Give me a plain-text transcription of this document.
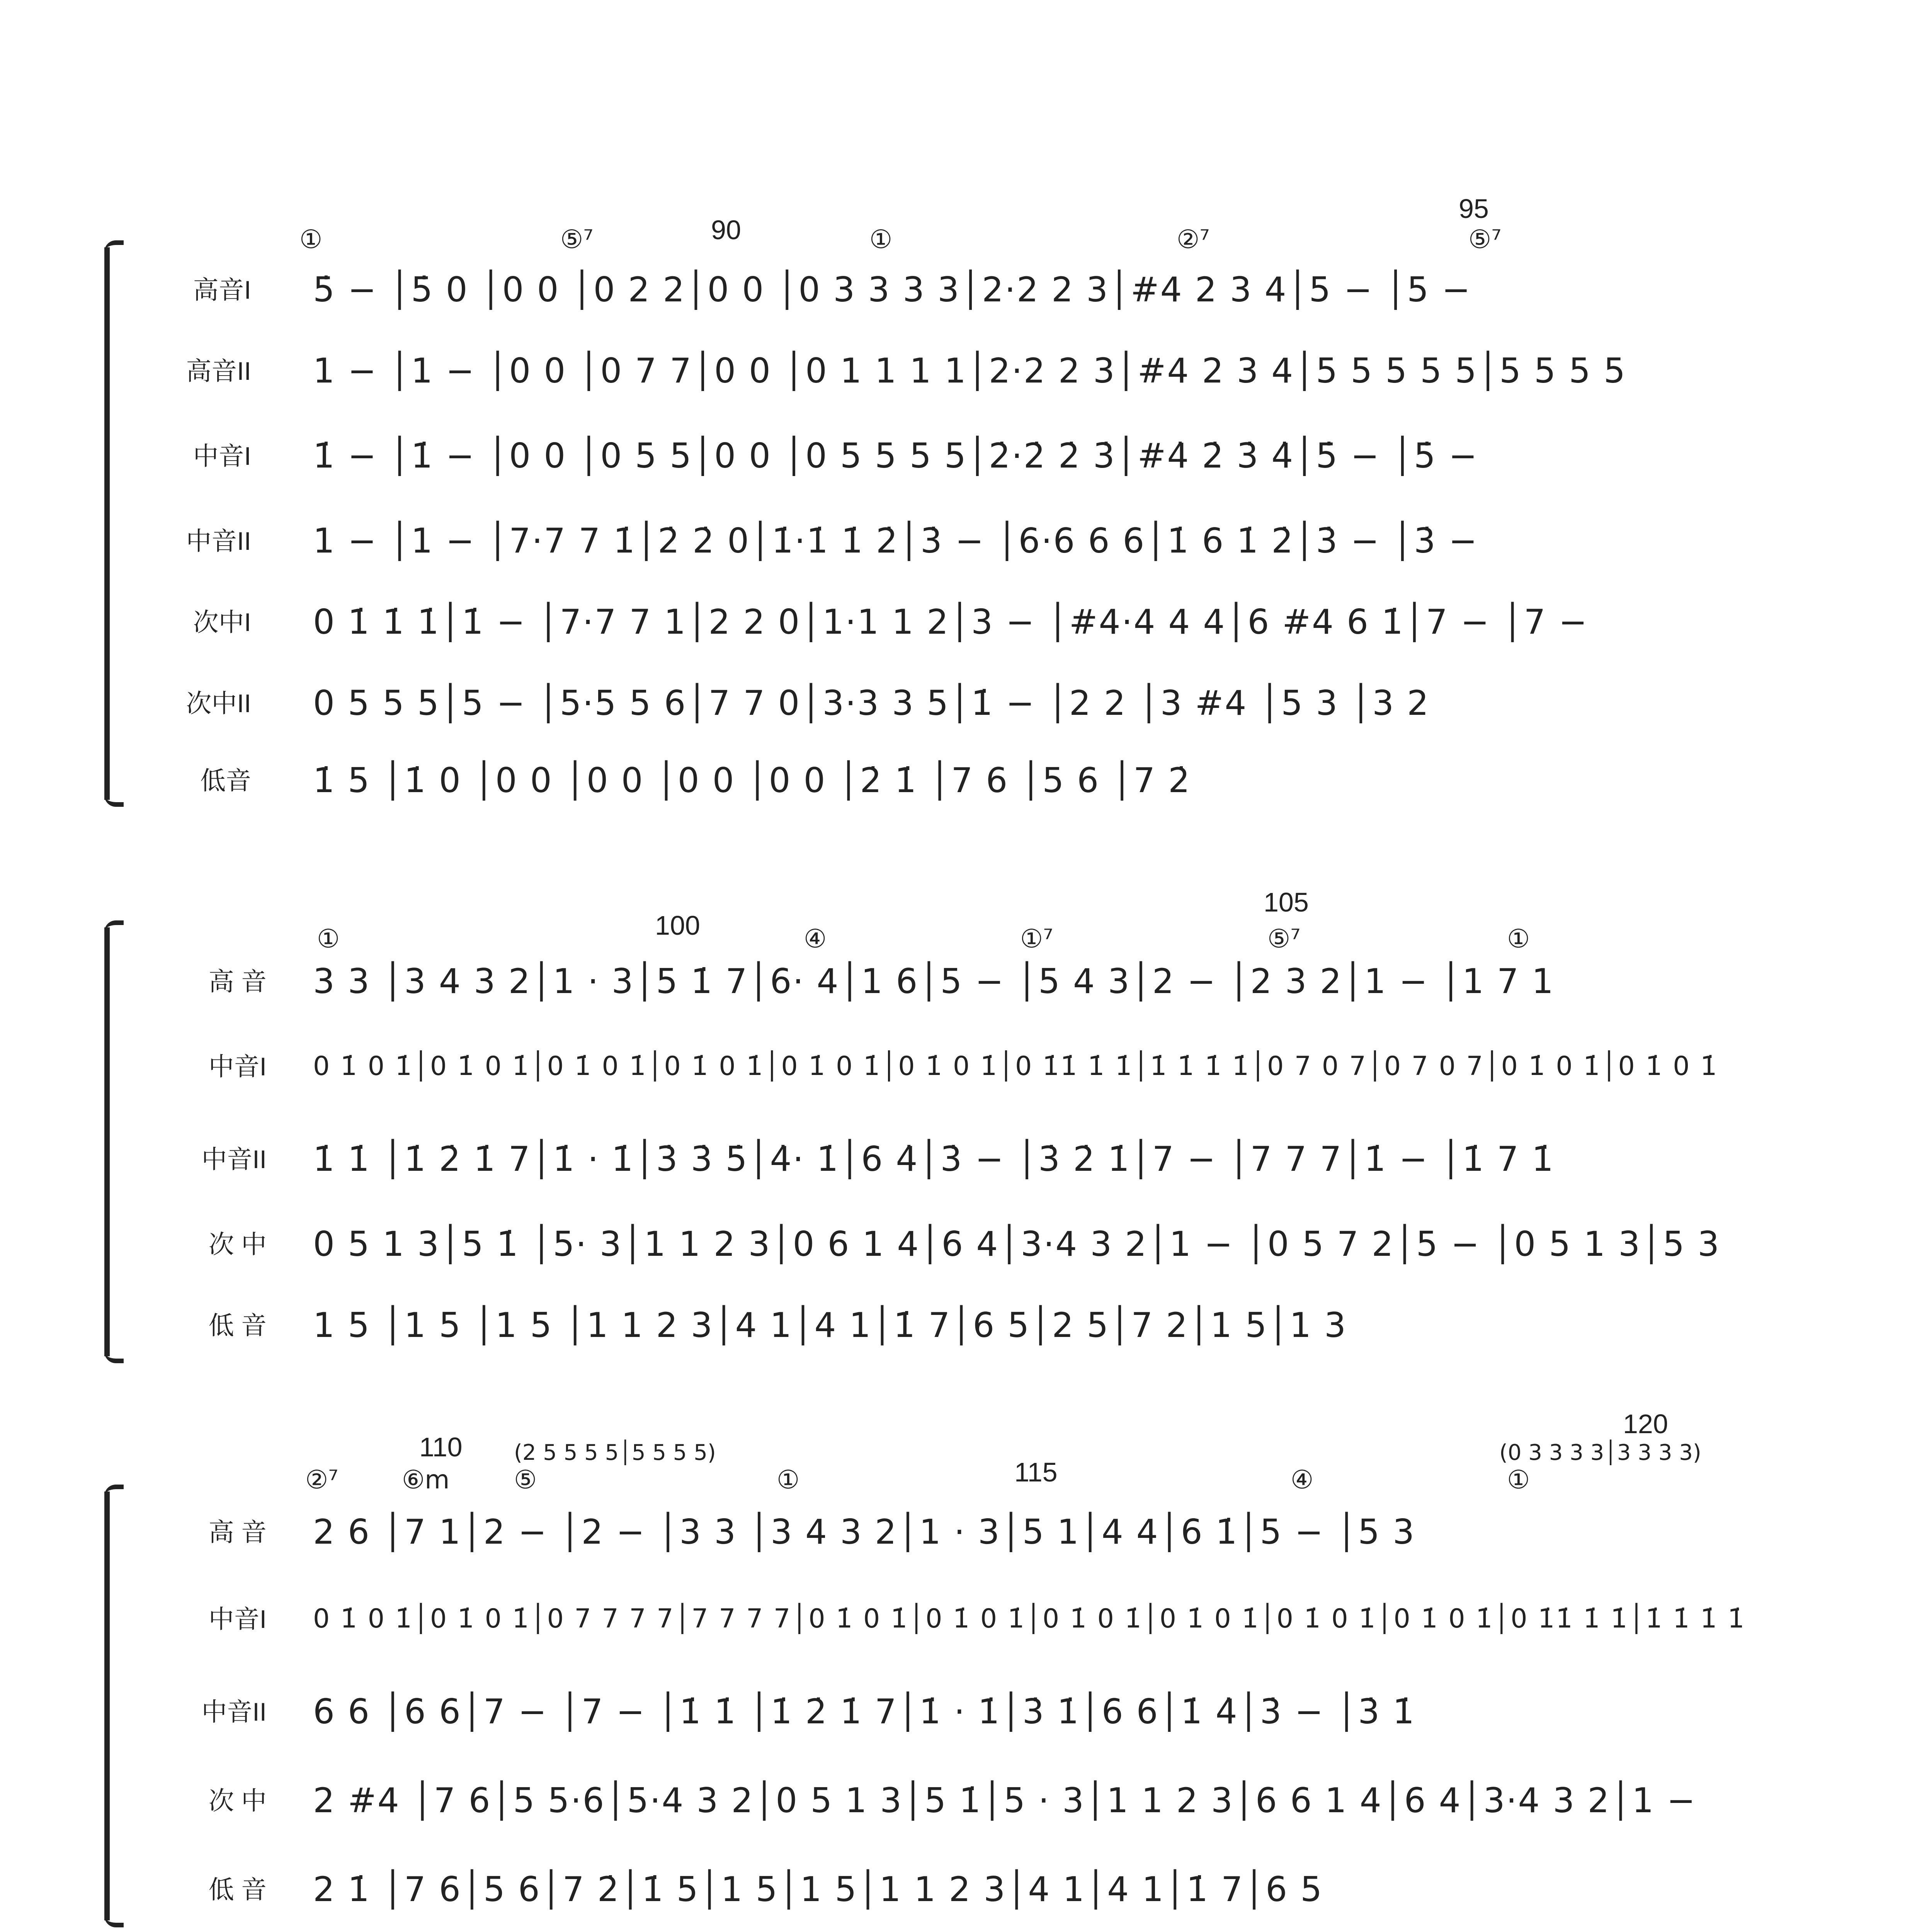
90
95
①	⑤⁷	①	②⁷	⑤⁷
高音I 5̇ − │5̇ 0 │0 0 │0 2 2│0 0 │0 3 3 3 3│2·2 2 3│#4 2 3 4│5 − │5 −
高音II 1 − │1 − │0 0 │0 7 7│0 0 │0 1 1 1 1│2·2 2 3│#4 2 3 4│5 5 5 5 5│5 5 5 5
中音I 1̇ − │1̇ − │0 0 │0 5 5│0 0 │0 5 5 5 5│2̇·2̇ 2̇ 3̇│#4̇ 2̇ 3̇ 4̇│5̇ − │5̇ −
中音II 1 − │1 − │7·7 7 1̇│2̇ 2̇ 0│1̇·1̇ 1̇ 2̇│3̇ − │6·6 6 6│1̇ 6 1̇ 2̇│3̇ − │3̇ −
次中I 0 1̇ 1̇ 1̇│1̇ − │7·7 7 1│2 2 0│1·1 1 2│3 − │#4·4 4 4│6 #4 6 1̇│7 − │7 −
次中II 0 5 5 5│5 − │5·5 5 6│7 7 0│3·3 3 5│1̇ − │2 2 │3 #4 │5 3 │3 2
低音 1̇ 5 │1̇ 0 │0 0 │0 0 │0 0 │0 0 │2̇ 1̇ │7 6 │5 6 │7 2̇
100
105
①	④	①⁷	⑤⁷	①
高 音 3 3 │3 4 3 2│1 · 3│5 1̇ 7│6· 4│1 6│5 − │5 4 3│2 − │2 3 2│1 − │1 7 1
中音I 0 1̇ 0 1̇│0 1̇ 0 1̇│0 1̇ 0 1̇│0 1̇ 0 1̇│0 1̇ 0 1̇│0 1̇ 0 1̇│0 1̇1̇ 1̇ 1̇│1̇ 1̇ 1̇ 1̇│0 7 0 7│0 7 0 7│0 1̇ 0 1̇│0 1̇ 0 1̇
中音II 1̇ 1̇ │1̇ 2̇ 1̇ 7│1̇ · 1̇│3̇ 3̇ 5̇│4̇· 1̇│6 4̇│3̇ − │3̇ 2̇ 1̇│7 − │7 7 7│1̇ − │1̇ 7 1̇
次 中 0 5 1 3│5 1̇ │5· 3│1 1 2 3│0 6 1 4│6 4│3·4 3 2│1 − │0 5 7 2│5 − │0 5 1 3│5 3
低 音 1 5 │1 5 │1 5 │1 1 2 3│4 1│4 1│1̇ 7│6 5│2 5│7 2│1 5│1 3
110
115
120
(2 5 5 5 5│5 5 5 5)	(0 3 3 3 3│3 3 3 3)
②⁷ ⑥m	⑤	①	④	①
高 音 2 6 │7 1│2 − │2 − │3 3 │3 4 3 2│1 · 3│5 1│4 4│6 1̇│5 − │5 3
中音I 0 1̇ 0 1̇│0 1̇ 0 1̇│0 7 7 7 7│7 7 7 7│0 1̇ 0 1̇│0 1̇ 0 1̇│0 1̇ 0 1̇│0 1̇ 0 1̇│0 1̇ 0 1̇│0 1̇ 0 1̇│0 1̇1̇ 1̇ 1̇│1̇ 1̇ 1̇ 1̇
中音II 6 6 │6 6│7 − │7 − │1̇ 1̇ │1̇ 2̇ 1̇ 7│1̇ · 1̇│3̇ 1̇│6 6│1̇ 4̇│3̇ − │3̇ 1̇
次 中 2 #4 │7 6│5 5·6│5·4 3 2│0 5 1 3│5 1̇│5 · 3│1 1 2 3│6 6 1 4│6 4│3·4 3 2│1 −
低 音 2 1̇ │7 6│5 6│7 2̇│1̇ 5│1 5│1 5│1 1 2 3│4 1│4 1│1̇ 7│6 5
